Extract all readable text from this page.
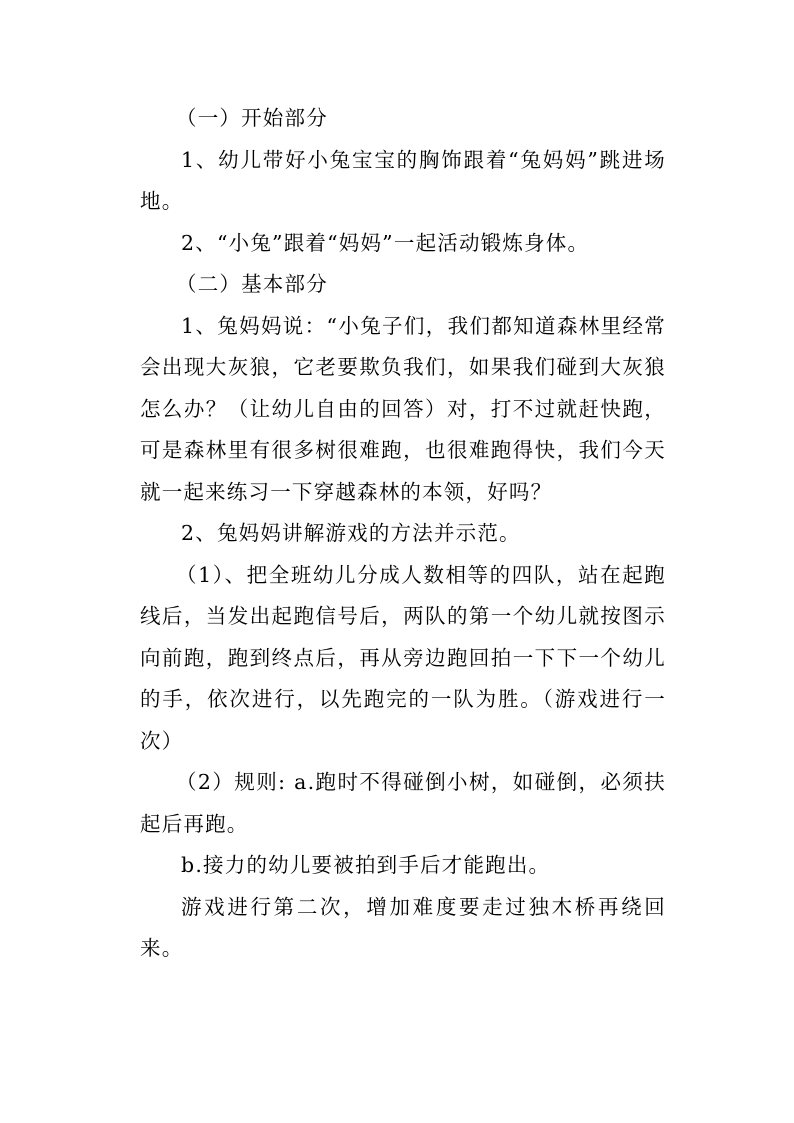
（一）开始部分

1、幼儿带好小兔宝宝的胸饰跟着“兔妈妈”跳进场地。

2、“小兔”跟着“妈妈”一起活动锻炼身体。

（二）基本部分

1、兔妈妈说：“小兔子们，我们都知道森林里经常会出现大灰狼，它老要欺负我们，如果我们碰到大灰狼怎么办？（让幼儿自由的回答）对，打不过就赶快跑，可是森林里有很多树很难跑，也很难跑得快，我们今天就一起来练习一下穿越森林的本领，好吗？

2、兔妈妈讲解游戏的方法并示范。

（1）、把全班幼儿分成人数相等的四队，站在起跑线后，当发出起跑信号后，两队的第一个幼儿就按图示向前跑，跑到终点后，再从旁边跑回拍一下下一个幼儿的手，依次进行，以先跑完的一队为胜。（游戏进行一次）

（2）规则: a.跑时不得碰倒小树，如碰倒，必须扶起后再跑。

b.接力的幼儿要被拍到手后才能跑出。

游戏进行第二次，增加难度要走过独木桥再绕回来。
